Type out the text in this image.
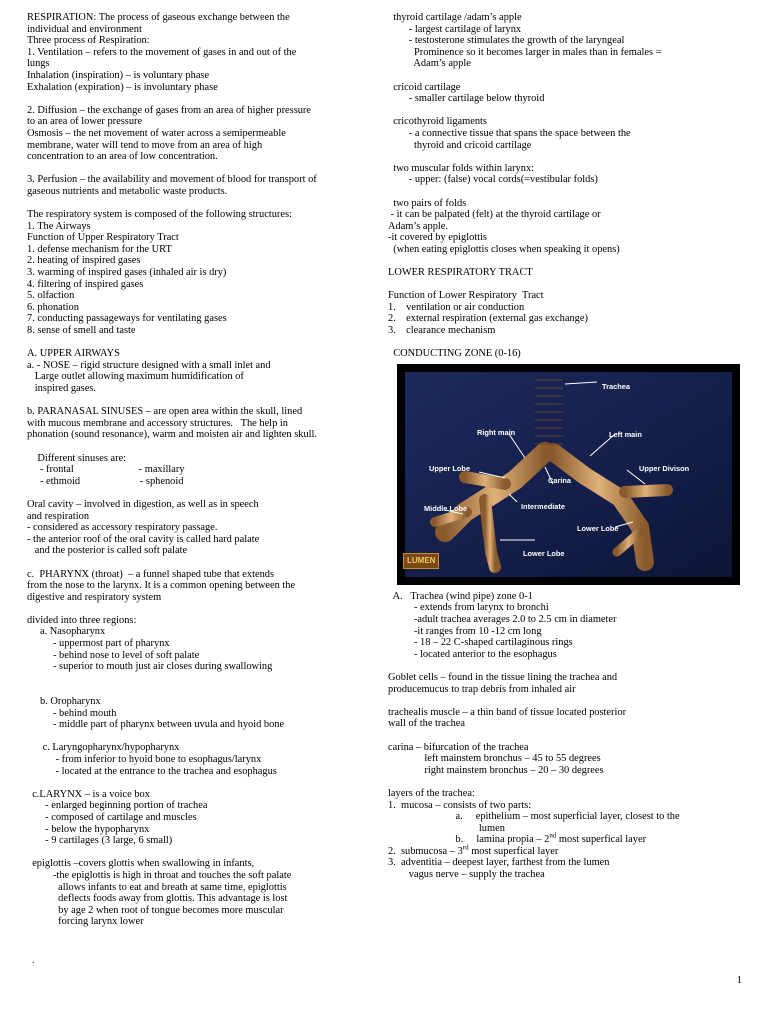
RESPIRATION: The process of gaseous exchange between the
individual and environment
Three process of Respiration:
1. Ventilation – refers to the movement of gases in and out of the
lungs
Inhalation (inspiration) – is voluntary phase
Exhalation (expiration) – is involuntary phase
2. Diffusion – the exchange of gases from an area of higher pressure
to an area of lower pressure
Osmosis – the net movement of water across a semipermeable
membrane, water will tend to move from an area of high
concentration to an area of low concentration.
3. Perfusion – the availability and movement of blood for transport of
gaseous nutrients and metabolic waste products.
The respiratory system is composed of the following structures:
1. The Airways
Function of Upper Respiratory Tract
1. defense mechanism for the URT
2. heating of inspired gases
3. warming of inspired gases (inhaled air is dry)
4. filtering of inspired gases
5. olfaction
6. phonation
7. conducting passageways for ventilating gases
8. sense of smell and taste
A. UPPER AIRWAYS
a. - NOSE – rigid structure designed with a small inlet and
Large outlet allowing maximum humidification of
inspired gases.
b. PARANASAL SINUSES – are open area within the skull, lined
with mucous membrane and accessory structures.   The help in
phonation (sound resonance), warm and moisten air and lighten skull.
Different sinuses are:
- frontal                         - maxillary
- ethmoid                       - sphenoid
Oral cavity – involved in digestion, as well as in speech
and respiration
- considered as accessory respiratory passage.
- the anterior roof of the oral cavity is called hard palate
and the posterior is called soft palate
c.  PHARYNX (throat)  – a funnel shaped tube that extends
from the nose to the larynx. It is a common opening between the
digestive and respiratory system
divided into three regions:
a. Nasopharynx
- uppermost part of pharynx
- behind nose to level of soft palate
- superior to mouth just air closes during swallowing
b. Oropharynx
- behind mouth
- middle part of pharynx between uvula and hyoid bone
c. Laryngopharynx/hypopharynx
- from inferior to hyoid bone to esophagus/larynx
- located at the entrance to the trachea and esophagus
c.LARYNX – is a voice box
- enlarged beginning portion of trachea
- composed of cartilage and muscles
- below the hypopharynx
- 9 cartilages (3 large, 6 small)
epiglottis –covers glottis when swallowing in infants,
-the epiglottis is high in throat and touches the soft palate
allows infants to eat and breath at same time, epiglottis
deflects foods away from glottis. This advantage is lost
by age 2 when root of tongue becomes more muscular
forcing larynx lower
thyroid cartilage /adam’s apple
- largest cartilage of larynx
- testosterone stimulates the growth of the laryngeal
Prominence so it becomes larger in males than in females =
Adam’s apple
cricoid cartilage
- smaller cartilage below thyroid
cricothyroid ligaments
- a connective tissue that spans the space between the
thyroid and cricoid cartilage
two muscular folds within larynx:
- upper: (false) vocal cords(=vestibular folds)
two pairs of folds
- it can be palpated (felt) at the thyroid cartilage or
Adam’s apple.
-it covered by epiglottis
(when eating epiglottis closes when speaking it opens)
LOWER RESPIRATORY TRACT
Function of Lower Respiratory  Tract
1.    ventilation or air conduction
2.    external respiration (external gas exchange)
3.    clearance mechanism
CONDUCTING ZONE (0-16)
Trachea
Right main	Left main
Upper Lobe	Upper Divison
Carina
Intermediate
Middle Lobe
Lower Lobe
Lower Lobe
LUMEN
A.   Trachea (wind pipe) zone 0-1
- extends from larynx to bronchi
-adult trachea averages 2.0 to 2.5 cm in diameter
-it ranges from 10 -12 cm long
- 18 – 22 C-shaped cartilaginous rings
- located anterior to the esophagus
Goblet cells – found in the tissue lining the trachea and
producemucus to trap debris from inhaled air
trachealis muscle – a thin band of tissue located posterior
wall of the trachea
carina – bifurcation of the trachea
left mainstem bronchus – 45 to 55 degrees
right mainstem bronchus – 20 – 30 degrees
layers of the trachea:
1.  mucosa – consists of two parts:
a.     epithelium – most superficial layer, closest to the
lumen
b.     lamina propia – 2nd most superfical layer
2.  submucosa – 3rd most superfical layer
3.  adventitia – deepest layer, farthest from the lumen
vagus nerve – supply the trachea
.
1
